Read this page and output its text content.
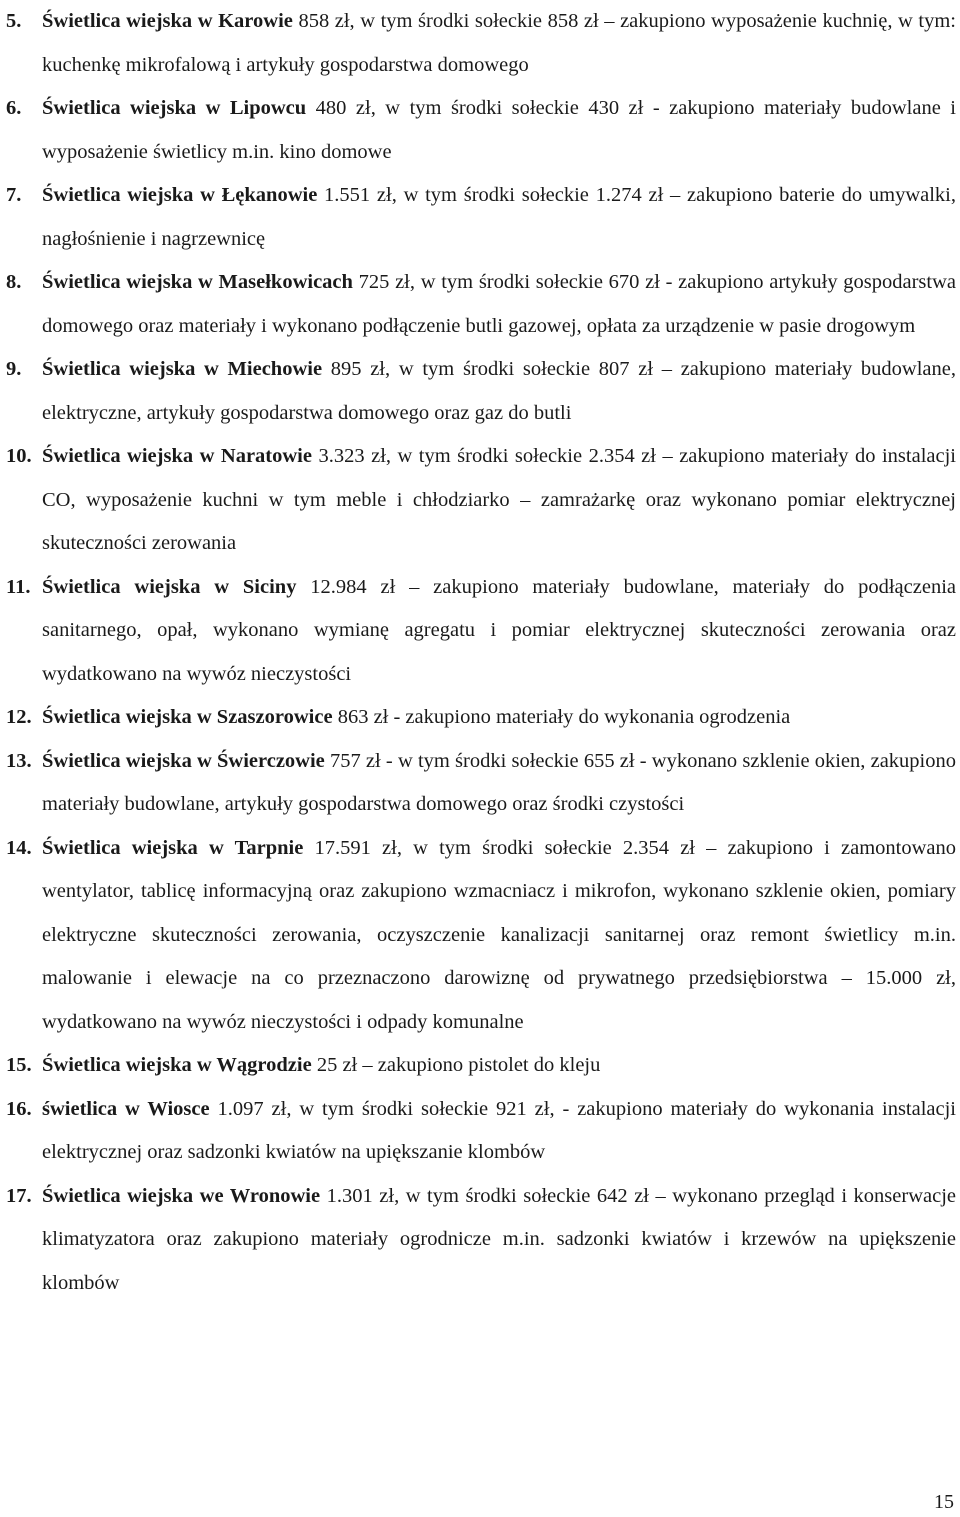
5.	Świetlica wiejska w Karowie 858 zł, w tym środki sołeckie 858 zł – zakupiono wyposażenie kuchnię, w tym: kuchenkę mikrofalową i artykuły gospodarstwa domowego
6.	Świetlica wiejska w Lipowcu 480 zł, w tym środki sołeckie 430 zł - zakupiono materiały budowlane i wyposażenie świetlicy m.in. kino domowe
7.	Świetlica wiejska w Łękanowie 1.551 zł, w tym środki sołeckie 1.274 zł – zakupiono baterie do umywalki, nagłośnienie i nagrzewnicę
8.	Świetlica wiejska w Masełkowicach 725 zł, w tym środki sołeckie 670 zł - zakupiono artykuły gospodarstwa domowego oraz materiały i wykonano podłączenie butli gazowej, opłata za urządzenie w pasie drogowym
9.	Świetlica wiejska w Miechowie 895 zł, w tym środki sołeckie 807 zł – zakupiono materiały budowlane, elektryczne, artykuły gospodarstwa domowego oraz gaz do butli
10. Świetlica wiejska w Naratowie 3.323 zł, w tym środki sołeckie 2.354 zł – zakupiono materiały do instalacji CO, wyposażenie kuchni w tym meble i chłodziarko – zamrażarkę oraz wykonano pomiar elektrycznej skuteczności zerowania
11. Świetlica wiejska w Siciny 12.984 zł – zakupiono materiały budowlane, materiały do podłączenia sanitarnego, opał, wykonano wymianę agregatu i pomiar elektrycznej skuteczności zerowania oraz wydatkowano na wywóz nieczystości
12. Świetlica wiejska w Szaszorowice 863 zł - zakupiono materiały do wykonania ogrodzenia
13. Świetlica wiejska w Świerczowie 757 zł - w tym środki sołeckie 655 zł - wykonano szklenie okien, zakupiono materiały budowlane, artykuły gospodarstwa domowego oraz środki czystości
14. Świetlica wiejska w Tarpnie 17.591 zł, w tym środki sołeckie 2.354 zł – zakupiono i zamontowano wentylator, tablicę informacyjną oraz zakupiono wzmacniacz i mikrofon, wykonano szklenie okien, pomiary elektryczne skuteczności zerowania, oczyszczenie kanalizacji sanitarnej oraz remont świetlicy m.in. malowanie i elewacje na co przeznaczono darowiznę od prywatnego przedsiębiorstwa – 15.000 zł, wydatkowano na wywóz nieczystości i odpady komunalne
15. Świetlica wiejska w Wągrodzie 25 zł – zakupiono pistolet do kleju
16. świetlica w Wiosce 1.097 zł, w tym środki sołeckie 921 zł, - zakupiono materiały do wykonania instalacji elektrycznej oraz sadzonki kwiatów na upiększanie klombów
17. Świetlica wiejska we Wronowie 1.301 zł, w tym środki sołeckie 642 zł – wykonano przegląd i konserwacje klimatyzatora oraz zakupiono materiały ogrodnicze m.in. sadzonki kwiatów i krzewów na upiększenie klombów
15
